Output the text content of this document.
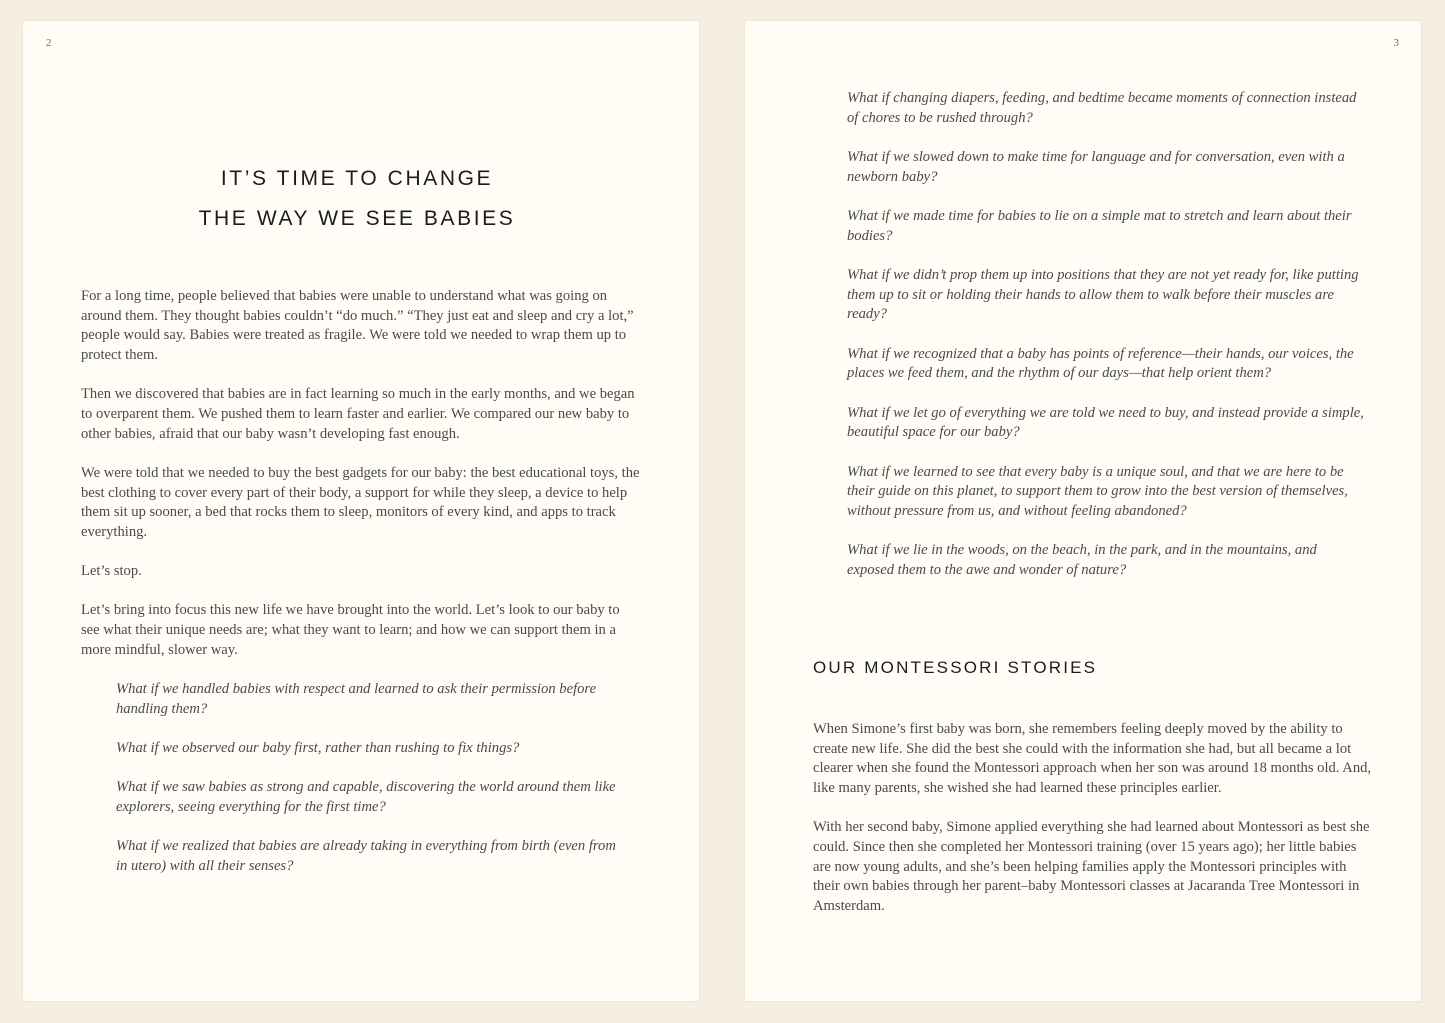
2
IT’S TIME TO CHANGE
THE WAY WE SEE BABIES

For a long time, people believed that babies were unable to understand what was going on around them. They thought babies couldn’t “do much.” “They just eat and sleep and cry a lot,” people would say. Babies were treated as fragile. We were told we needed to wrap them up to protect them.

Then we discovered that babies are in fact learning so much in the early months, and we began to overparent them. We pushed them to learn faster and earlier. We compared our new baby to other babies, afraid that our baby wasn’t developing fast enough.

We were told that we needed to buy the best gadgets for our baby: the best educational toys, the best clothing to cover every part of their body, a support for while they sleep, a device to help them sit up sooner, a bed that rocks them to sleep, monitors of every kind, and apps to track everything.

Let’s stop.

Let’s bring into focus this new life we have brought into the world. Let’s look to our baby to see what their unique needs are; what they want to learn; and how we can support them in a more mindful, slower way.

What if we handled babies with respect and learned to ask their permission before handling them?

What if we observed our baby first, rather than rushing to fix things?

What if we saw babies as strong and capable, discovering the world around them like explorers, seeing everything for the first time?

What if we realized that babies are already taking in everything from birth (even from in utero) with all their senses?

3

What if changing diapers, feeding, and bedtime became moments of connection instead of chores to be rushed through?

What if we slowed down to make time for language and for conversation, even with a newborn baby?

What if we made time for babies to lie on a simple mat to stretch and learn about their bodies?

What if we didn’t prop them up into positions that they are not yet ready for, like putting them up to sit or holding their hands to allow them to walk before their muscles are ready?

What if we recognized that a baby has points of reference—their hands, our voices, the places we feed them, and the rhythm of our days—that help orient them?

What if we let go of everything we are told we need to buy, and instead provide a simple, beautiful space for our baby?

What if we learned to see that every baby is a unique soul, and that we are here to be their guide on this planet, to support them to grow into the best version of themselves, without pressure from us, and without feeling abandoned?

What if we lie in the woods, on the beach, in the park, and in the mountains, and exposed them to the awe and wonder of nature?

OUR MONTESSORI STORIES

When Simone’s first baby was born, she remembers feeling deeply moved by the ability to create new life. She did the best she could with the information she had, but all became a lot clearer when she found the Montessori approach when her son was around 18 months old. And, like many parents, she wished she had learned these principles earlier.

With her second baby, Simone applied everything she had learned about Montessori as best she could. Since then she completed her Montessori training (over 15 years ago); her little babies are now young adults, and she’s been helping families apply the Montessori principles with their own babies through her parent–baby Montessori classes at Jacaranda Tree Montessori in Amsterdam.
